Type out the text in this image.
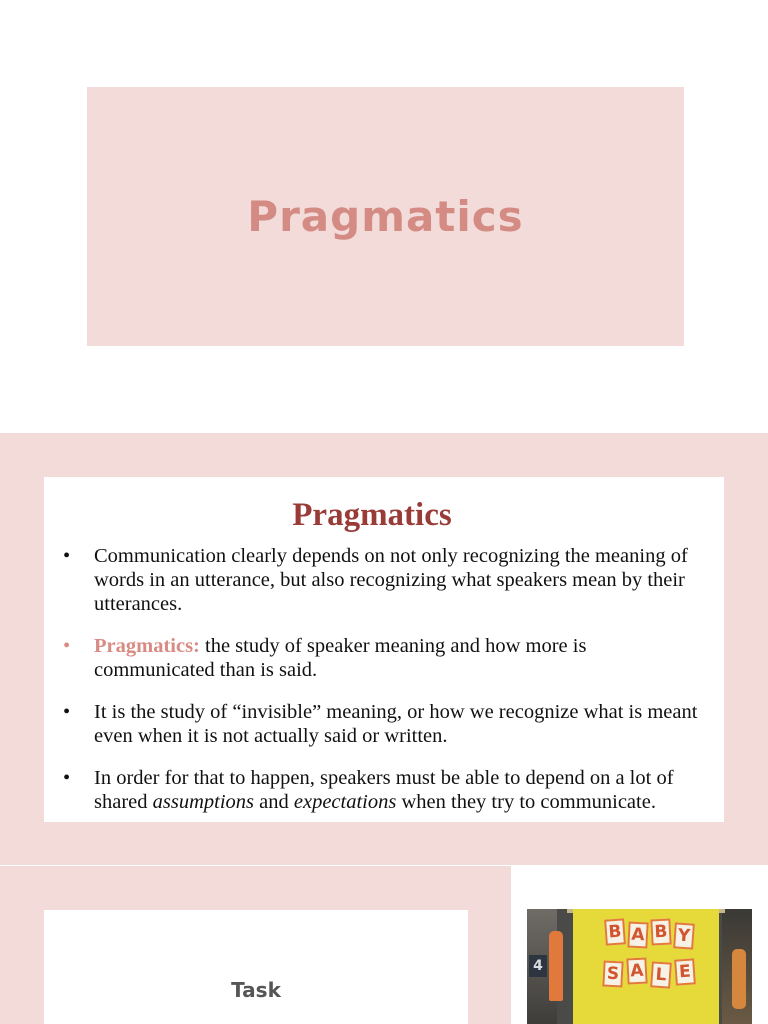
Pragmatics
Pragmatics
• Communication clearly depends on not only recognizing the meaning of words in an utterance, but also recognizing what speakers mean by their utterances.
• Pragmatics: the study of speaker meaning and how more is communicated than is said.
• It is the study of “invisible” meaning, or how we recognize what is meant even when it is not actually said or written.
• In order for that to happen, speakers must be able to depend on a lot of shared assumptions and expectations when they try to communicate.
Task
4
B A B Y
S A L E
